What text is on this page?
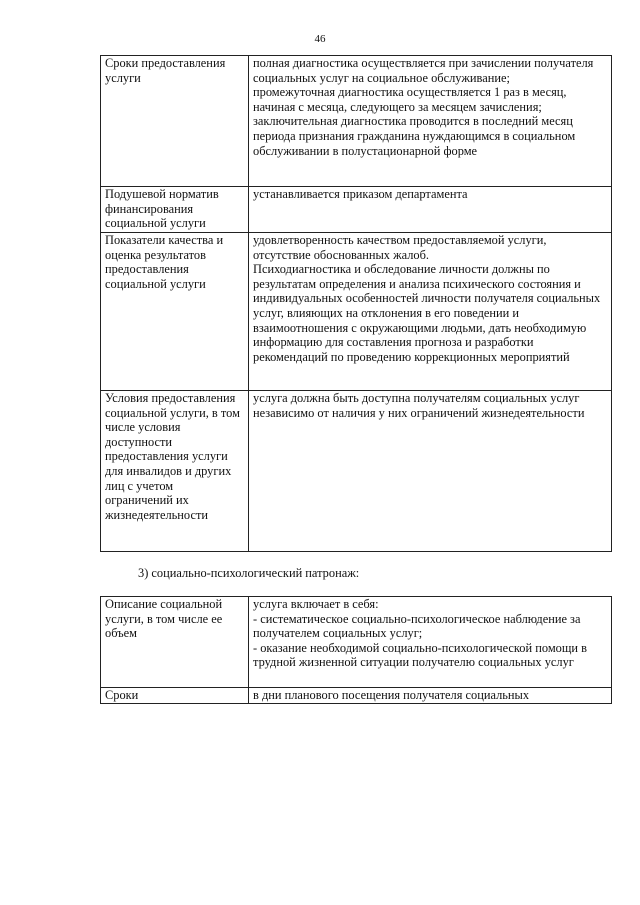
46
Сроки предоставления услуги	полная диагностика осуществляется при зачислении получателя социальных услуг на социальное обслуживание;
промежуточная диагностика осуществляется 1 раз в месяц, начиная с месяца, следующего за месяцем зачисления;
заключительная диагностика проводится в последний месяц периода признания гражданина нуждающимся в социальном обслуживании в полустационарной форме

Подушевой норматив финансирования социальной услуги	устанавливается приказом департамента

Показатели качества и оценка результатов предоставления социальной услуги	удовлетворенность качеством предоставляемой услуги, отсутствие обоснованных жалоб.
Психодиагностика и обследование личности должны по результатам определения и анализа психического состояния и индивидуальных особенностей личности получателя социальных услуг, влияющих на отклонения в его поведении и взаимоотношения с окружающими людьми, дать необходимую информацию для составления прогноза и разработки рекомендаций по проведению коррекционных мероприятий

Условия предоставления социальной услуги, в том числе условия доступности предоставления услуги для инвалидов и других лиц с учетом ограничений их жизнедеятельности	услуга должна быть доступна получателям социальных услуг независимо от наличия у них ограничений жизнедеятельности
3) социально-психологический патронаж:
Описание социальной услуги, в том числе ее объем	услуга включает в себя:
- систематическое социально-психологическое наблюдение за получателем социальных услуг;
- оказание необходимой социально-психологической помощи в трудной жизненной ситуации получателю социальных услуг

Сроки	в дни планового посещения получателя социальных
